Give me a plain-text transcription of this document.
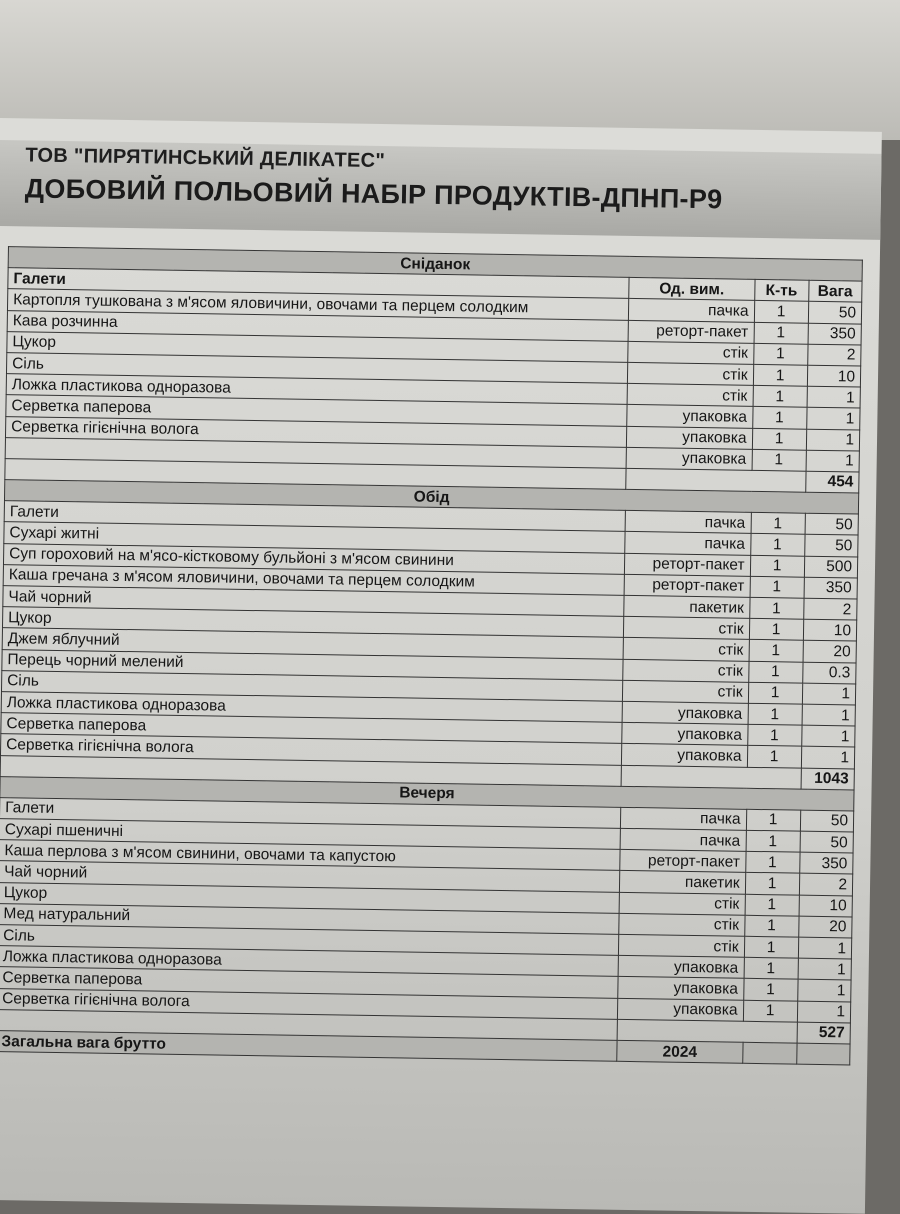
ТОВ "ПИРЯТИНСЬКИЙ ДЕЛІКАТЕС"
ДОБОВИЙ ПОЛЬОВИЙ НАБІР ПРОДУКТІВ-ДПНП-Р9
Сніданок			
Галети	Од. вим.	К-ть	Вага
Картопля тушкована з м'ясом яловичини, овочами та перцем солодким	пачка	1	50
Кава розчинна	реторт-пакет	1	350
Цукор	стік	1	2
Сіль	стік	1	10
Ложка пластикова одноразова	стік	1	1
Серветка паперова	упаковка	1	1
Серветка гігієнічна волога	упаковка	1	1
	упаковка	1	1
			454
Обід			
Галети	пачка	1	50
Сухарі житні	пачка	1	50
Суп гороховий на м'ясо-кістковому бульйоні з м'ясом свинини	реторт-пакет	1	500
Каша гречана з м'ясом яловичини, овочами та перцем солодким	реторт-пакет	1	350
Чай чорний	пакетик	1	2
Цукор	стік	1	10
Джем яблучний	стік	1	20
Перець чорний мелений	стік	1	0.3
Сіль	стік	1	1
Ложка пластикова одноразова	упаковка	1	1
Серветка паперова	упаковка	1	1
Серветка гігієнічна волога	упаковка	1	1
			1043
Вечеря			
Галети	пачка	1	50
Сухарі пшеничні	пачка	1	50
Каша перлова з м'ясом свинини, овочами та капустою	реторт-пакет	1	350
Чай чорний	пакетик	1	2
Цукор	стік	1	10
Мед натуральний	стік	1	20
Сіль	стік	1	1
Ложка пластикова одноразова	упаковка	1	1
Серветка паперова	упаковка	1	1
Серветка гігієнічна волога	упаковка	1	1
			527
Загальна вага брутто	2024		
